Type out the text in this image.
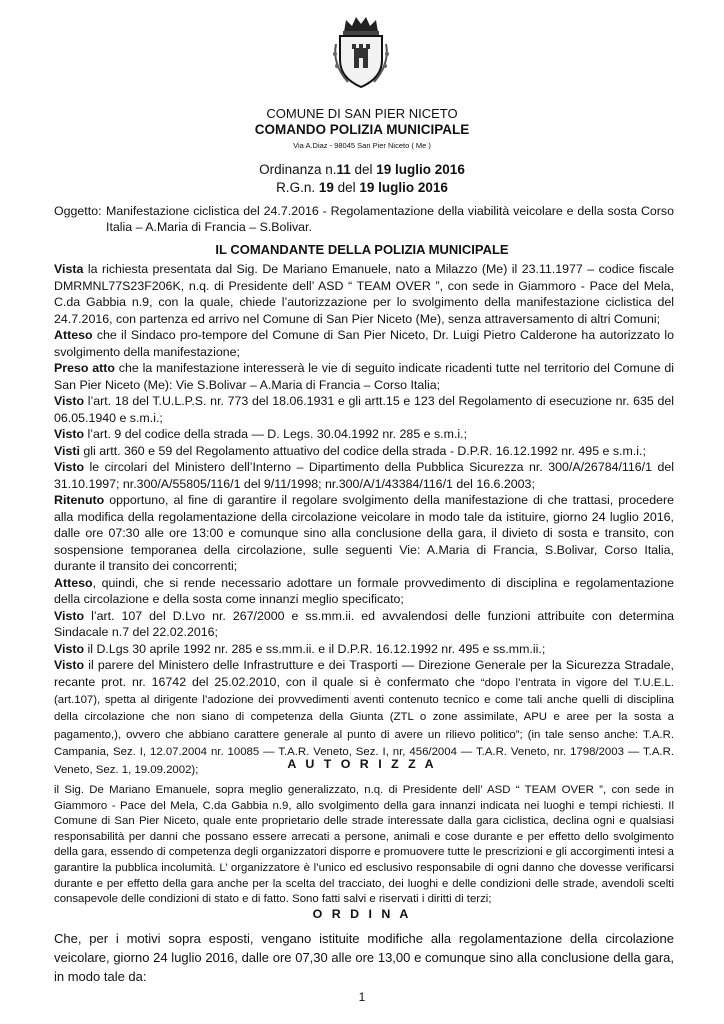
COMUNE DI SAN PIER NICETO
COMANDO POLIZIA MUNICIPALE
Via A.Diaz - 98045 San Pier Niceto ( Me )
Ordinanza n.11 del 19 luglio 2016
R.G.n. 19 del 19 luglio 2016
Oggetto: Manifestazione ciclistica del 24.7.2016 - Regolamentazione della viabilità veicolare e della sosta Corso Italia – A.Maria di Francia – S.Bolivar.
IL COMANDANTE DELLA POLIZIA MUNICIPALE

Vista la richiesta presentata dal Sig. De Mariano Emanuele, nato a Milazzo (Me) il 23.11.1977 – codice fiscale DMRMNL77S23F206K, n.q. di Presidente dell’ ASD “ TEAM OVER ”, con sede in Giammoro - Pace del Mela, C.da Gabbia n.9, con la quale, chiede l’autorizzazione per lo svolgimento della manifestazione ciclistica del 24.7.2016, con partenza ed arrivo nel Comune di San Pier Niceto (Me), senza attraversamento di altri Comuni;

Atteso che il Sindaco pro-tempore del Comune di San Pier Niceto, Dr. Luigi Pietro Calderone ha autorizzato lo svolgimento della manifestazione;

Preso atto che la manifestazione interesserà le vie di seguito indicate ricadenti tutte nel territorio del Comune di San Pier Niceto (Me): Vie S.Bolivar – A.Maria di Francia – Corso Italia;

Visto l’art. 18 del T.U.L.P.S. nr. 773 del 18.06.1931 e gli artt.15 e 123 del Regolamento di esecuzione nr. 635 del 06.05.1940 e s.m.i.;

Visto l’art. 9 del codice della strada — D. Legs. 30.04.1992 nr. 285 e s.m.i.;

Visti gli artt. 360 e 59 del Regolamento attuativo del codice della strada - D.P.R. 16.12.1992 nr. 495 e s.m.i.;

Visto le circolari del Ministero dell’Interno – Dipartimento della Pubblica Sicurezza nr. 300/A/26784/116/1 del 31.10.1997; nr.300/A/55805/116/1 del 9/11/1998; nr.300/A/1/43384/116/1 del 16.6.2003;

Ritenuto opportuno, al fine di garantire il regolare svolgimento della manifestazione di che trattasi, procedere alla modifica della regolamentazione della circolazione veicolare in modo tale da istituire, giorno 24 luglio 2016, dalle ore 07:30 alle ore 13:00 e comunque sino alla conclusione della gara, il divieto di sosta e transito, con sospensione temporanea della circolazione, sulle seguenti Vie: A.Maria di Francia, S.Bolivar, Corso Italia, durante il transito dei concorrenti;

Atteso, quindi, che si rende necessario adottare un formale provvedimento di disciplina e regolamentazione della circolazione e della sosta come innanzi meglio specificato;

Visto l’art. 107 del D.Lvo nr. 267/2000 e ss.mm.ii. ed avvalendosi delle funzioni attribuite con determina Sindacale n.7 del 22.02.2016;

Visto il D.Lgs 30 aprile 1992 nr. 285 e ss.mm.ii. e il D.P.R. 16.12.1992 nr. 495 e ss.mm.ii.;

Visto il parere del Ministero delle Infrastrutture e dei Trasporti — Direzione Generale per la Sicurezza Stradale, recante prot. nr. 16742 del 25.02.2010, con il quale si è confermato che “dopo l’entrata in vigore del T.U.E.L. (art.107), spetta al dirigente l’adozione dei provvedimenti aventi contenuto tecnico e come tali anche quelli di disciplina della circolazione che non siano di competenza della Giunta (ZTL o zone assimilate, APU e aree per la sosta a pagamento,), ovvero che abbiano carattere generale al punto di avere un rilievo politico”; (in tale senso anche: T.A.R. Campania, Sez. I, 12.07.2004 nr. 10085 — T.A.R. Veneto, Sez. I, nr, 456/2004 — T.A.R. Veneto, nr. 1798/2003 — T.A.R. Veneto, Sez. 1, 19.09.2002);	A U T O R I Z Z A
il Sig. De Mariano Emanuele, sopra meglio generalizzato, n.q. di Presidente dell’ ASD “ TEAM OVER ”, con sede in Giammoro - Pace del Mela, C.da Gabbia n.9, allo svolgimento della gara innanzi indicata nei luoghi e tempi richiesti. Il Comune di San Pier Niceto, quale ente proprietario delle strade interessate dalla gara ciclistica, declina ogni e qualsiasi responsabilità per danni che possano essere arrecati a persone, animali e cose durante e per effetto dello svolgimento della gara, essendo di competenza degli organizzatori disporre e promuovere tutte le prescrizioni e gli accorgimenti intesi a garantire la pubblica incolumità. L’ organizzatore è l’unico ed esclusivo responsabile di ogni danno che dovesse verificarsi durante e per effetto della gara anche per la scelta del tracciato, dei luoghi e delle condizioni delle strade, avendoli scelti consapevole delle condizioni di stato e di fatto. Sono fatti salvi e riservati i diritti di terzi;
O R D I N A
Che, per i motivi sopra esposti, vengano istituite modifiche alla regolamentazione della circolazione veicolare, giorno 24 luglio 2016, dalle ore 07,30 alle ore 13,00 e comunque sino alla conclusione della gara, in modo tale da:
1
